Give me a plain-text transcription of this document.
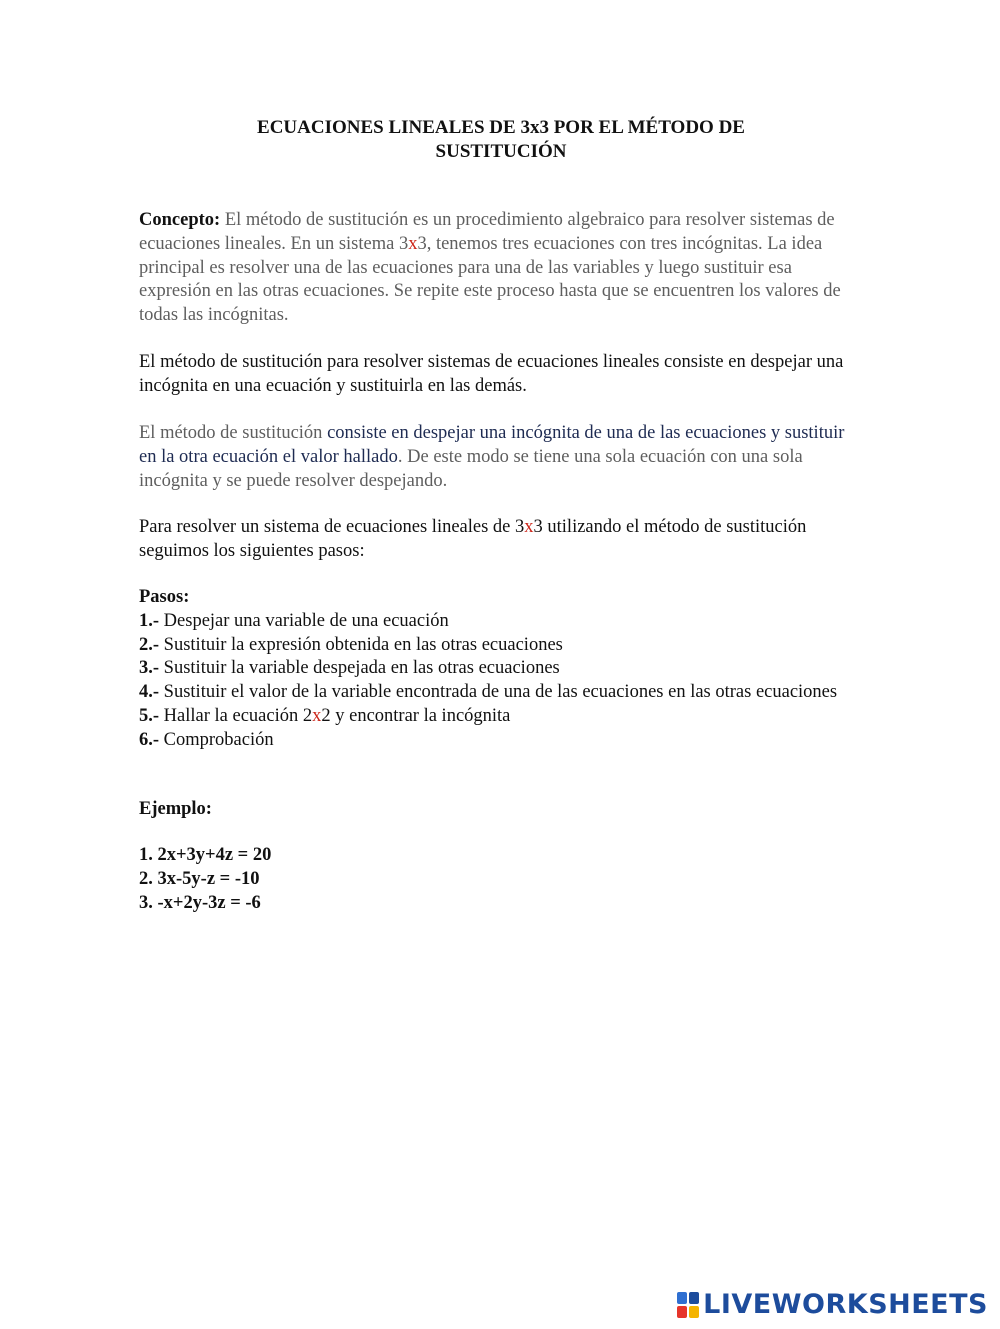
ECUACIONES LINEALES DE 3x3 POR EL MÉTODO DE
SUSTITUCIÓN
Concepto: El método de sustitución es un procedimiento algebraico para resolver sistemas de ecuaciones lineales. En un sistema 3x3, tenemos tres ecuaciones con tres incógnitas. La idea principal es resolver una de las ecuaciones para una de las variables y luego sustituir esa expresión en las otras ecuaciones. Se repite este proceso hasta que se encuentren los valores de todas las incógnitas.
El método de sustitución para resolver sistemas de ecuaciones lineales consiste en despejar una incógnita en una ecuación y sustituirla en las demás.
El método de sustitución consiste en despejar una incógnita de una de las ecuaciones y sustituir en la otra ecuación el valor hallado. De este modo se tiene una sola ecuación con una sola incógnita y se puede resolver despejando.
Para resolver un sistema de ecuaciones lineales de 3x3 utilizando el método de sustitución seguimos los siguientes pasos:
Pasos:
1.- Despejar una variable de una ecuación
2.- Sustituir la expresión obtenida en las otras ecuaciones
3.- Sustituir la variable despejada en las otras ecuaciones
4.- Sustituir el valor de la variable encontrada de una de las ecuaciones en las otras ecuaciones
5.- Hallar la ecuación 2x2 y encontrar la incógnita
6.- Comprobación
Ejemplo:
1. 2x+3y+4z = 20
2. 3x-5y-z = -10
3. -x+2y-3z = -6
LIVEWORKSHEETS
